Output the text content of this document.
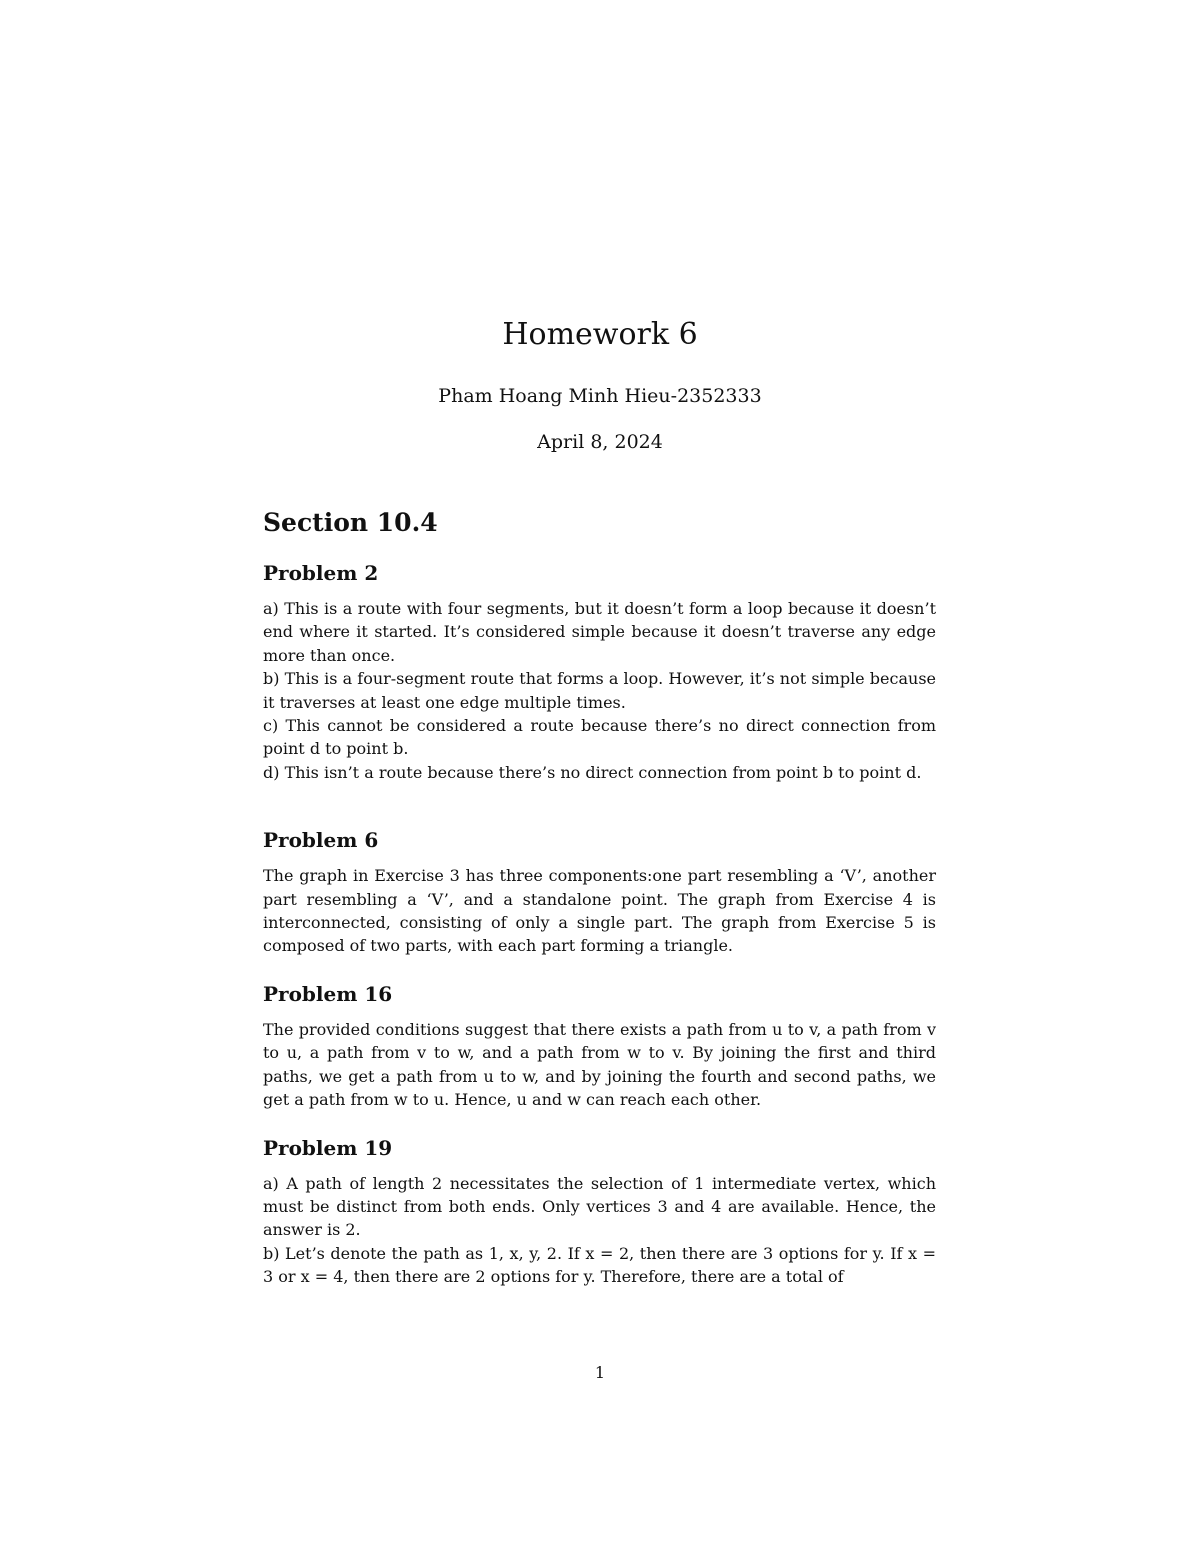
Homework 6
Pham Hoang Minh Hieu-2352333
April 8, 2024
Section 10.4
Problem 2

a) This is a route with four segments, but it doesn’t form a loop because it doesn’t end where it started. It’s considered simple because it doesn’t traverse any edge more than once.

b) This is a four-segment route that forms a loop. However, it’s not simple because it traverses at least one edge multiple times.

c) This cannot be considered a route because there’s no direct connection from point d to point b.

d) This isn’t a route because there’s no direct connection from point b to point d.

Problem 6

The graph in Exercise 3 has three components:one part resembling a ‘V’, another part resembling a ‘V’, and a standalone point. The graph from Exercise 4 is interconnected, consisting of only a single part. The graph from Exercise 5 is composed of two parts, with each part forming a triangle.

Problem 16

The provided conditions suggest that there exists a path from u to v, a path from v to u, a path from v to w, and a path from w to v. By joining the first and third paths, we get a path from u to w, and by joining the fourth and second paths, we get a path from w to u. Hence, u and w can reach each other.

Problem 19

a) A path of length 2 necessitates the selection of 1 intermediate vertex, which must be distinct from both ends. Only vertices 3 and 4 are available. Hence, the answer is 2.

b) Let’s denote the path as 1, x, y, 2. If x = 2, then there are 3 options for y. If x = 3 or x = 4, then there are 2 options for y. Therefore, there are a total of

1
